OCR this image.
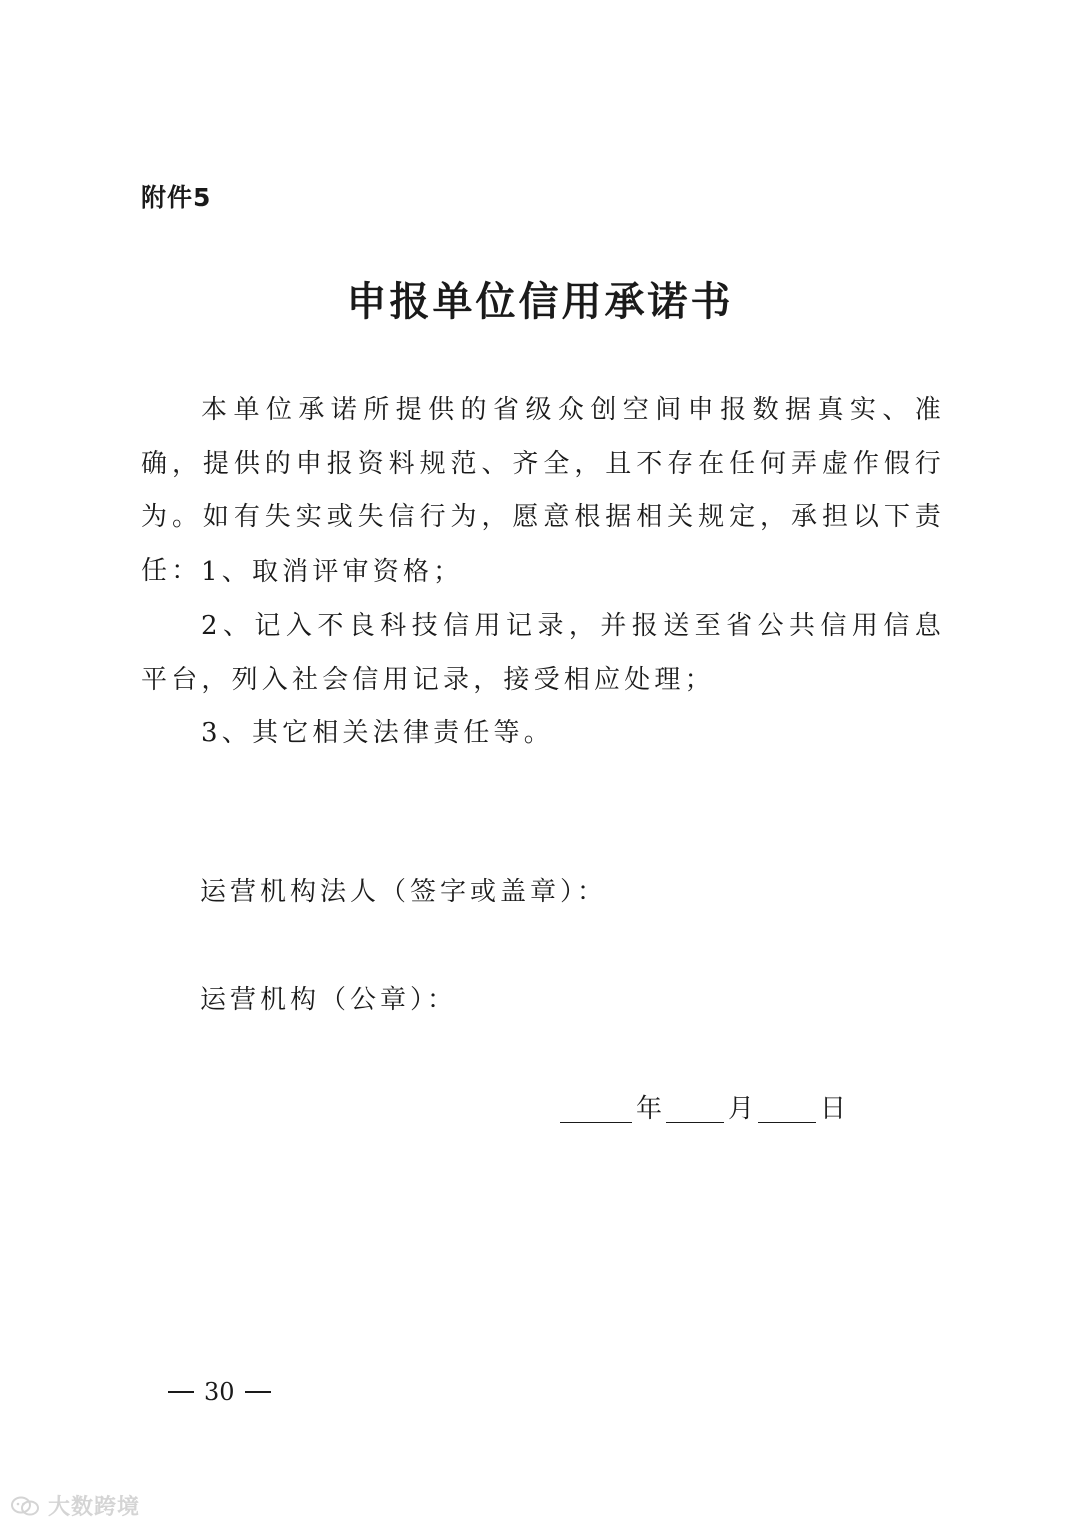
附件5
申报单位信用承诺书
本单位承诺所提供的省级众创空间申报数据真实、准确，提供的申报资料规范、齐全，且不存在任何弄虚作假行为。如有失实或失信行为，愿意根据相关规定，承担以下责任： 1、取消评审资格；
2、记入不良科技信用记录，并报送至省公共信用信息平台，列入社会信用记录，接受相应处理；
3、其它相关法律责任等。
运营机构法人（签字或盖章）：
运营机构（公章）：
年	月	日
30
大数跨境
